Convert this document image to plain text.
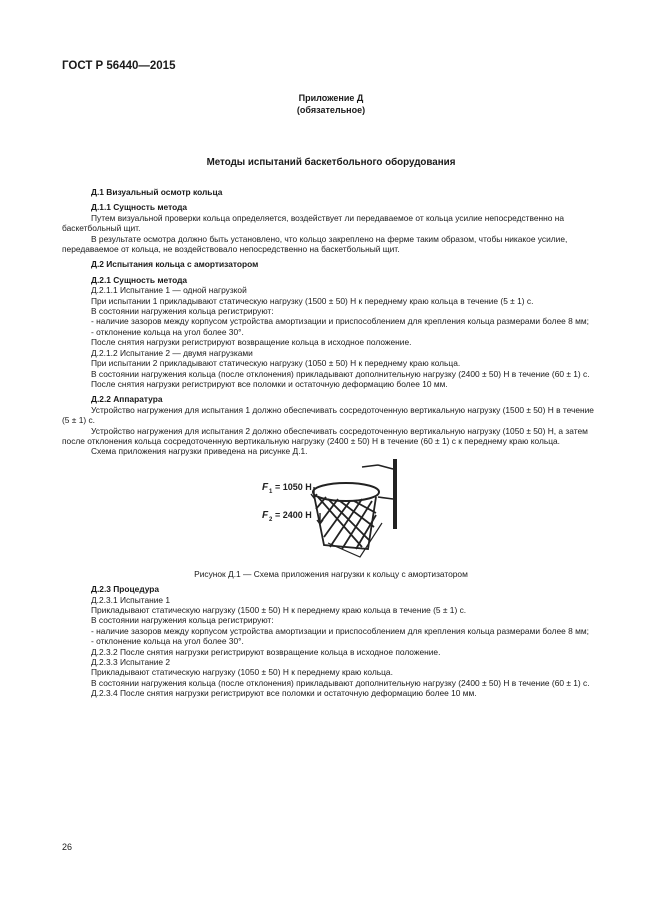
ГОСТ Р 56440—2015
Приложение Д
(обязательное)
Методы испытаний баскетбольного оборудования

Д.1 Визуальный осмотр кольца

Д.1.1 Сущность метода

Путем визуальной проверки кольца определяется, воздействует ли передаваемое от кольца усилие непосредственно на баскетбольный щит.

В результате осмотра должно быть установлено, что кольцо закреплено на ферме таким образом, чтобы никакое усилие, передаваемое от кольца, не воздействовало непосредственно на баскетбольный щит.

Д.2 Испытания кольца с амортизатором

Д.2.1 Сущность метода

Д.2.1.1 Испытание 1 — одной нагрузкой

При испытании 1 прикладывают статическую нагрузку (1500 ± 50) Н к переднему краю кольца в течение (5 ± 1) с.

В состоянии нагружения кольца регистрируют:

- наличие зазоров между корпусом устройства амортизации и приспособлением для крепления кольца размерами более 8 мм;

- отклонение кольца на угол более 30°.

После снятия нагрузки регистрируют возвращение кольца в исходное положение.

Д.2.1.2 Испытание 2 — двумя нагрузками

При испытании 2 прикладывают статическую нагрузку (1050 ± 50) Н к переднему краю кольца.

В состоянии нагружения кольца (после отклонения) прикладывают дополнительную нагрузку (2400 ± 50) Н в течение (60 ± 1) с.

После снятия нагрузки регистрируют все поломки и остаточную деформацию более 10 мм.

Д.2.2 Аппаратура

Устройство нагружения для испытания 1 должно обеспечивать сосредоточенную вертикальную нагрузку (1500 ± 50) Н в течение (5 ± 1) с.

Устройство нагружения для испытания 2 должно обеспечивать сосредоточенную вертикальную нагрузку (1050 ± 50) Н, а затем после отклонения кольца сосредоточенную вертикальную нагрузку (2400 ± 50) Н в течение (60 ± 1) с к переднему краю кольца.

Схема приложения нагрузки приведена на рисунке Д.1.

F 1 = 1050 Н
F 2 = 2400 Н
Рисунок Д.1 — Схема приложения нагрузки к кольцу с амортизатором

Д.2.3 Процедура

Д.2.3.1 Испытание 1

Прикладывают статическую нагрузку (1500 ± 50) Н к переднему краю кольца в течение (5 ± 1) с.

В состоянии нагружения кольца регистрируют:

- наличие зазоров между корпусом устройства амортизации и приспособлением для крепления кольца размерами более 8 мм;

- отклонение кольца на угол более 30°.

Д.2.3.2 После снятия нагрузки регистрируют возвращение кольца в исходное положение.

Д.2.3.3 Испытание 2

Прикладывают статическую нагрузку (1050 ± 50) Н к переднему краю кольца.

В состоянии нагружения кольца (после отклонения) прикладывают дополнительную нагрузку (2400 ± 50) Н в течение (60 ± 1) с.

Д.2.3.4 После снятия нагрузки регистрируют все поломки и остаточную деформацию более 10 мм.

26
